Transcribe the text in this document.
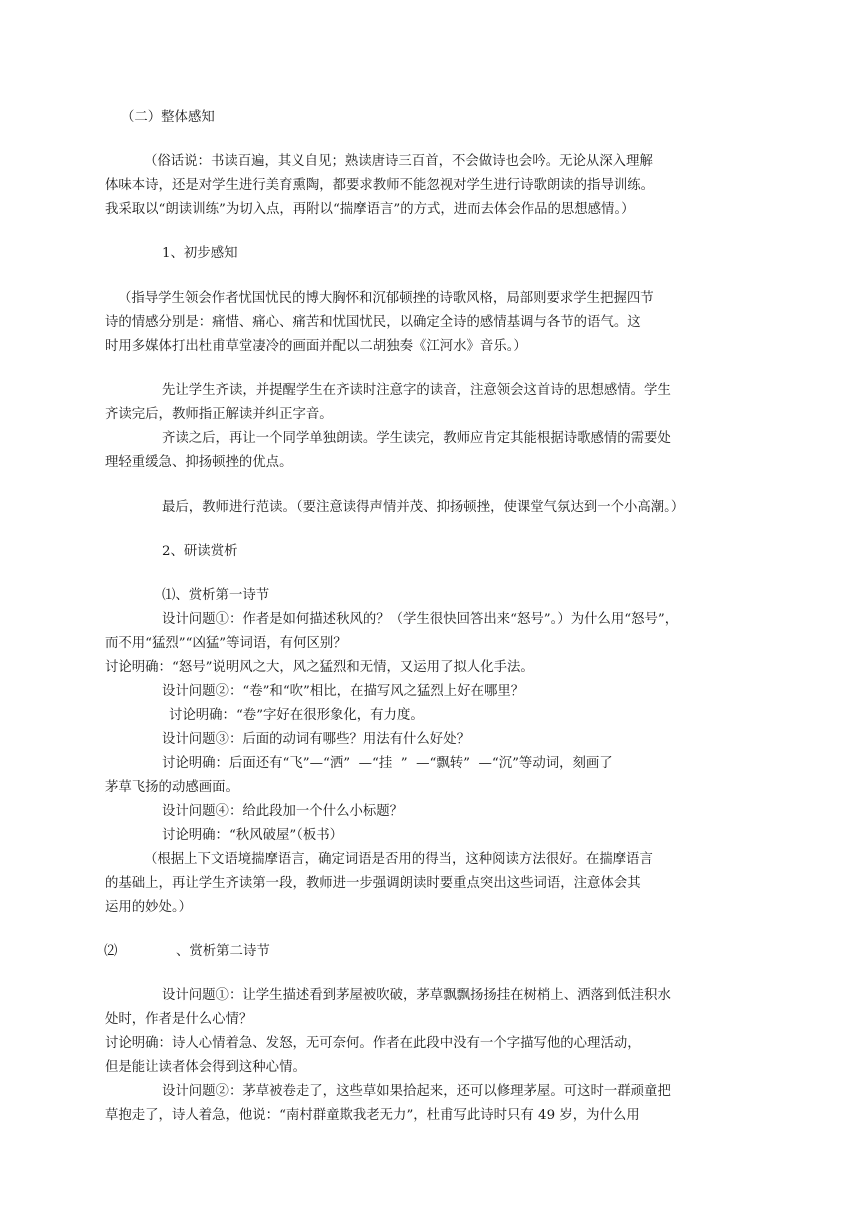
（二）整体感知
（俗话说：书读百遍，其义自见；熟读唐诗三百首，不会做诗也会吟。无论从深入理解
体味本诗，还是对学生进行美育熏陶，都要求教师不能忽视对学生进行诗歌朗读的指导训练。
我采取以“朗读训练”为切入点，再附以“揣摩语言”的方式，进而去体会作品的思想感情。）
1、初步感知
（指导学生领会作者忧国忧民的博大胸怀和沉郁顿挫的诗歌风格，局部则要求学生把握四节
诗的情感分别是：痛惜、痛心、痛苦和忧国忧民，以确定全诗的感情基调与各节的语气。这
时用多媒体打出杜甫草堂凄冷的画面并配以二胡独奏《江河水》音乐。）
先让学生齐读，并提醒学生在齐读时注意字的读音，注意领会这首诗的思想感情。学生
齐读完后，教师指正解读并纠正字音。
齐读之后，再让一个同学单独朗读。学生读完，教师应肯定其能根据诗歌感情的需要处
理轻重缓急、抑扬顿挫的优点。
最后，教师进行范读。（要注意读得声情并茂、抑扬顿挫，使课堂气氛达到一个小高潮。）
2、研读赏析
⑴、赏析第一诗节
设计问题①：作者是如何描述秋风的？（学生很快回答出来“怒号”。）为什么用“怒号”，
而不用“猛烈”“凶猛”等词语，有何区别？
讨论明确：“怒号”说明风之大，风之猛烈和无情，又运用了拟人化手法。
设计问题②：“卷”和“吹”相比，在描写风之猛烈上好在哪里？
讨论明确：“卷”字好在很形象化，有力度。
设计问题③：后面的动词有哪些？用法有什么好处？
讨论明确：后面还有“飞”—“洒”  —“挂  ”  —“飘转”  —“沉”等动词，刻画了
茅草飞扬的动感画面。
设计问题④：给此段加一个什么小标题？
讨论明确：“秋风破屋”（板书）
（根据上下文语境揣摩语言，确定词语是否用的得当，这种阅读方法很好。在揣摩语言
的基础上，再让学生齐读第一段，教师进一步强调朗读时要重点突出这些词语，注意体会其
运用的妙处。）
⑵	、赏析第二诗节
设计问题①：让学生描述看到茅屋被吹破，茅草飘飘扬扬挂在树梢上、洒落到低洼积水
处时，作者是什么心情？
讨论明确：诗人心情着急、发怒，无可奈何。作者在此段中没有一个字描写他的心理活动，
但是能让读者体会得到这种心情。
设计问题②：茅草被卷走了，这些草如果拾起来，还可以修理茅屋。可这时一群顽童把
草抱走了，诗人着急，他说：“南村群童欺我老无力”，杜甫写此诗时只有 49 岁，为什么用
